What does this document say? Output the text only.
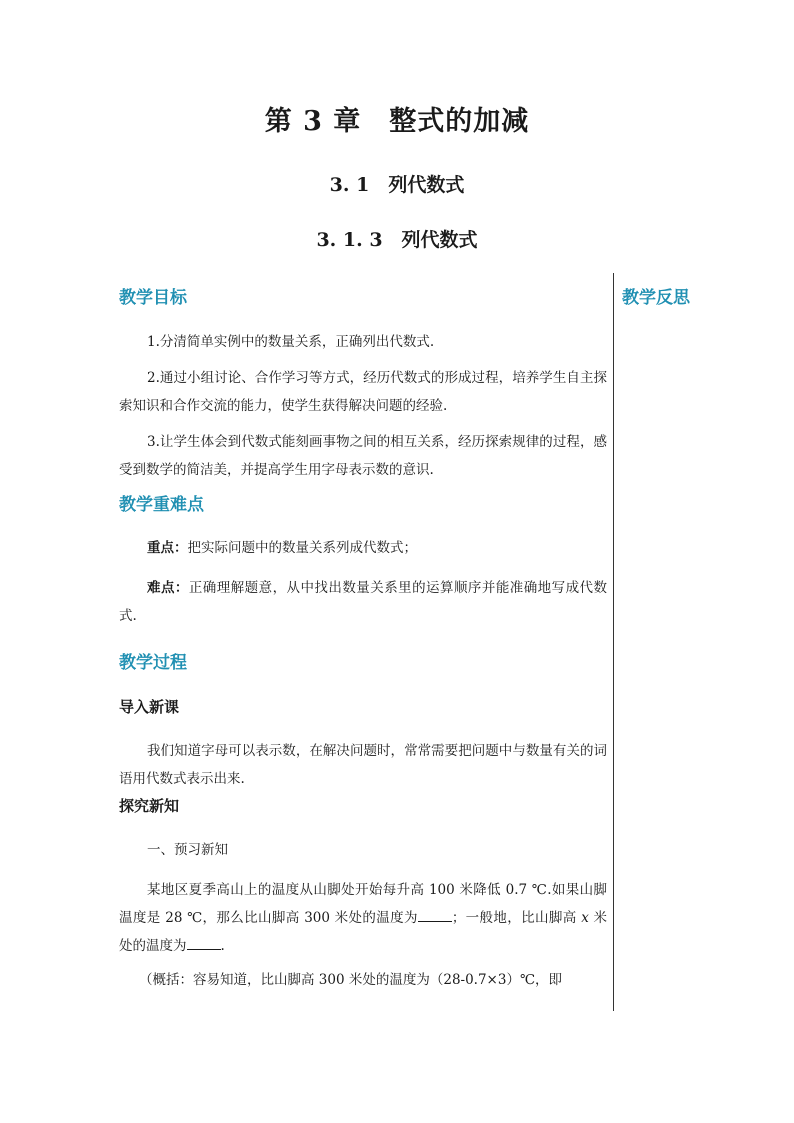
第 3 章　整式的加减
3. 1　列代数式
3. 1. 3　列代数式
教学反思
教学目标

1.分清简单实例中的数量关系，正确列出代数式.

2.通过小组讨论、合作学习等方式，经历代数式的形成过程，培养学生自主探索知识和合作交流的能力，使学生获得解决问题的经验.

3.让学生体会到代数式能刻画事物之间的相互关系，经历探索规律的过程，感受到数学的简洁美，并提高学生用字母表示数的意识.

教学重难点

重点：把实际问题中的数量关系列成代数式；

难点：正确理解题意，从中找出数量关系里的运算顺序并能准确地写成代数式.

教学过程
导入新课

我们知道字母可以表示数，在解决问题时，常常需要把问题中与数量有关的词语用代数式表示出来.

探究新知

一、预习新知

某地区夏季高山上的温度从山脚处开始每升高 100 米降低 0.7 ℃.如果山脚温度是 28 ℃，那么比山脚高 300 米处的温度为	；一般地，比山脚高 x 米处的温度为	.

（概括：容易知道，比山脚高 300 米处的温度为（28-0.7×3）℃，即
